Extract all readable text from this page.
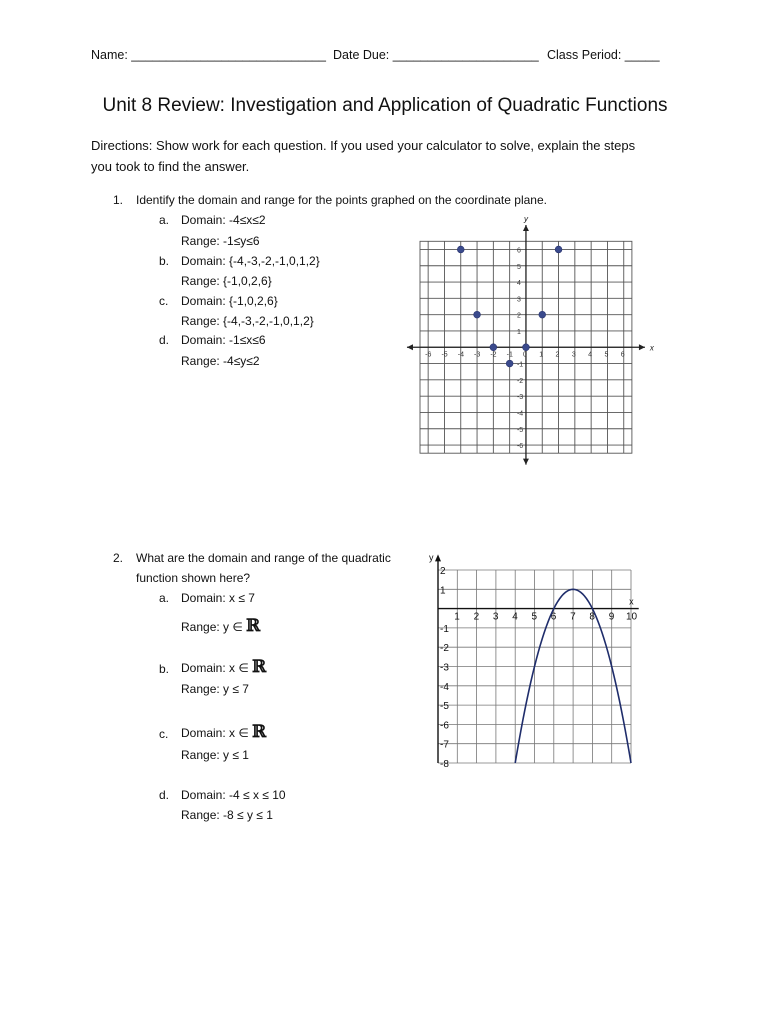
Name: ____________________________ Date Due: _____________________ Class Period: _____
Unit 8 Review: Investigation and Application of Quadratic Functions
Directions: Show work for each question. If you used your calculator to solve, explain the steps
you took to find the answer.
1. Identify the domain and range for the points graphed on the coordinate plane.
a. Domain: -4≤x≤2
Range: -1≤y≤6
b. Domain: {-4,-3,-2,-1,0,1,2}
Range: {-1,0,2,6}
c. Domain: {-1,0,2,6}
Range: {-4,-3,-2,-1,0,1,2}
d. Domain: -1≤x≤6
Range: -4≤y≤2
x
y
-6 -5 -4 -3 -2 -1 0 1 2 3 4 5 6
6
5
4
3
2
1
-1
-2
-3
-4
-5
-6
2. What are the domain and range of the quadratic
function shown here?
a. Domain: x ≤ 7
Range: y ∈ ℝ
b. Domain: x ∈ ℝ
Range: y ≤ 7
c. Domain: x ∈ ℝ
Range: y ≤ 1
d. Domain: -4 ≤ x ≤ 10
Range: -8 ≤ y ≤ 1
y
x
1 2 3 4 5 6 7 8 9 10
2
1
-1
-2
-3
-4
-5
-6
-7
-8
